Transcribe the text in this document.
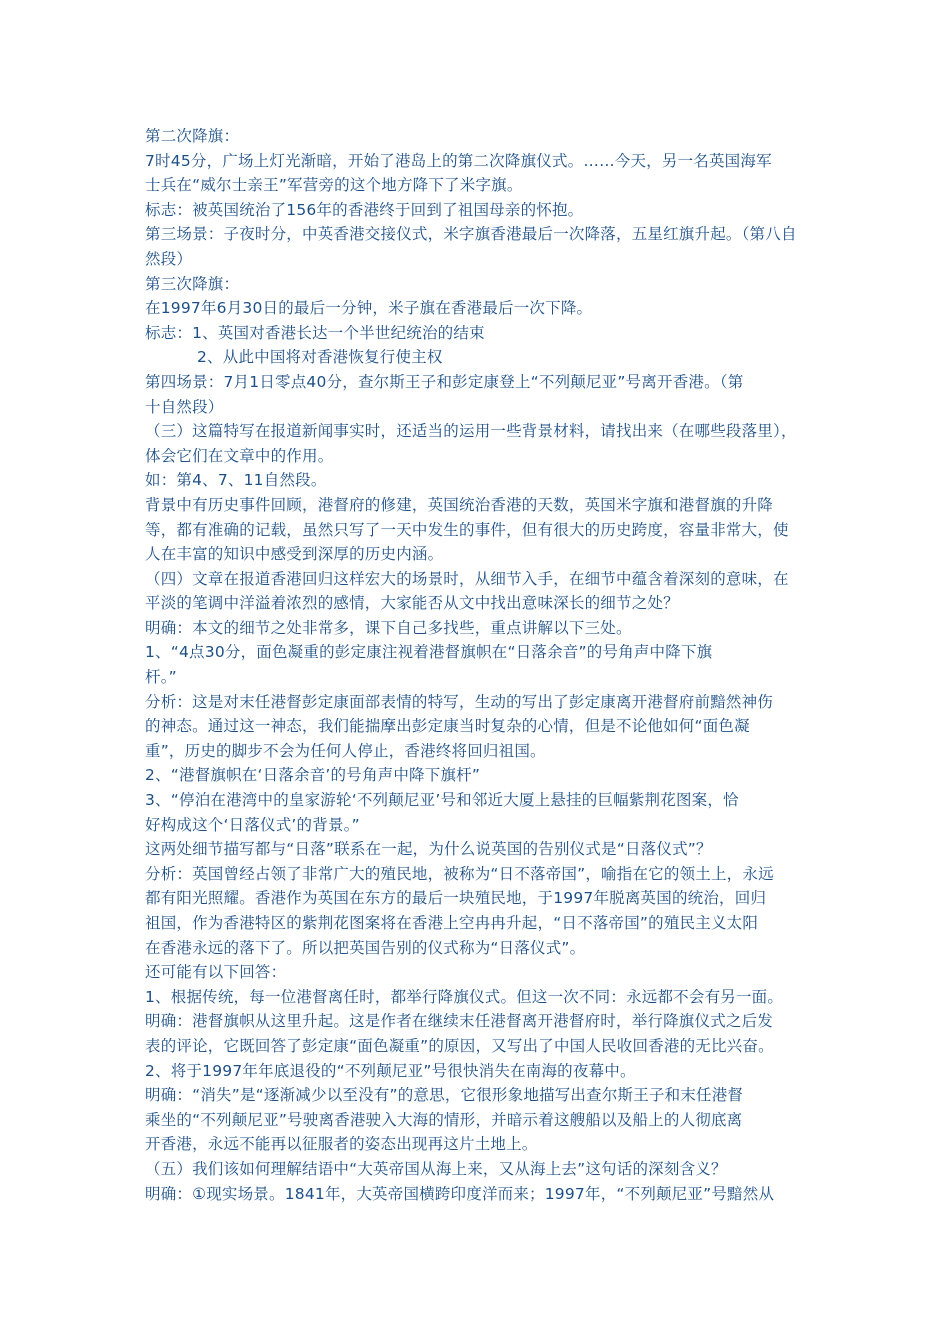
第二次降旗：
7时45分，广场上灯光渐暗，开始了港岛上的第二次降旗仪式。……今天，另一名英国海军
士兵在“威尔士亲王”军营旁的这个地方降下了米字旗。
标志：被英国统治了156年的香港终于回到了祖国母亲的怀抱。
第三场景：子夜时分，中英香港交接仪式，米字旗香港最后一次降落，五星红旗升起。（第八自
然段）
第三次降旗：
在1997年6月30日的最后一分钟，米子旗在香港最后一次下降。
标志：1、英国对香港长达一个半世纪统治的结束
2、从此中国将对香港恢复行使主权
第四场景：7月1日零点40分，查尔斯王子和彭定康登上“不列颠尼亚”号离开香港。（第
十自然段）
（三）这篇特写在报道新闻事实时，还适当的运用一些背景材料，请找出来（在哪些段落里），
体会它们在文章中的作用。
如：第4、7、11自然段。
背景中有历史事件回顾，港督府的修建，英国统治香港的天数，英国米字旗和港督旗的升降
等，都有准确的记载，虽然只写了一天中发生的事件，但有很大的历史跨度，容量非常大，使
人在丰富的知识中感受到深厚的历史内涵。
（四）文章在报道香港回归这样宏大的场景时，从细节入手，在细节中蕴含着深刻的意味，在
平淡的笔调中洋溢着浓烈的感情，大家能否从文中找出意味深长的细节之处？
明确：本文的细节之处非常多，课下自己多找些，重点讲解以下三处。
1、“4点30分，面色凝重的彭定康注视着港督旗帜在“日落余音”的号角声中降下旗
杆。”
分析：这是对末任港督彭定康面部表情的特写，生动的写出了彭定康离开港督府前黯然神伤
的神态。通过这一神态，我们能揣摩出彭定康当时复杂的心情，但是不论他如何“面色凝
重”，历史的脚步不会为任何人停止，香港终将回归祖国。
2、“港督旗帜在‘日落余音’的号角声中降下旗杆”
3、“停泊在港湾中的皇家游轮‘不列颠尼亚’号和邻近大厦上悬挂的巨幅紫荆花图案，恰
好构成这个‘日落仪式’的背景。”
这两处细节描写都与“日落”联系在一起，为什么说英国的告别仪式是“日落仪式”？
分析：英国曾经占领了非常广大的殖民地，被称为“日不落帝国”，喻指在它的领土上，永远
都有阳光照耀。香港作为英国在东方的最后一块殖民地，于1997年脱离英国的统治，回归
祖国，作为香港特区的紫荆花图案将在香港上空冉冉升起，“日不落帝国”的殖民主义太阳
在香港永远的落下了。所以把英国告别的仪式称为“日落仪式”。
还可能有以下回答：
1、根据传统，每一位港督离任时，都举行降旗仪式。但这一次不同：永远都不会有另一面。
明确：港督旗帜从这里升起。这是作者在继续末任港督离开港督府时，举行降旗仪式之后发
表的评论，它既回答了彭定康“面色凝重”的原因，又写出了中国人民收回香港的无比兴奋。
2、将于1997年年底退役的“不列颠尼亚”号很快消失在南海的夜幕中。
明确：“消失”是“逐渐减少以至没有”的意思，它很形象地描写出查尔斯王子和末任港督
乘坐的“不列颠尼亚”号驶离香港驶入大海的情形，并暗示着这艘船以及船上的人彻底离
开香港，永远不能再以征服者的姿态出现再这片土地上。
（五）我们该如何理解结语中“大英帝国从海上来，又从海上去”这句话的深刻含义？
明确：①现实场景。1841年，大英帝国横跨印度洋而来；1997年，“不列颠尼亚”号黯然从
